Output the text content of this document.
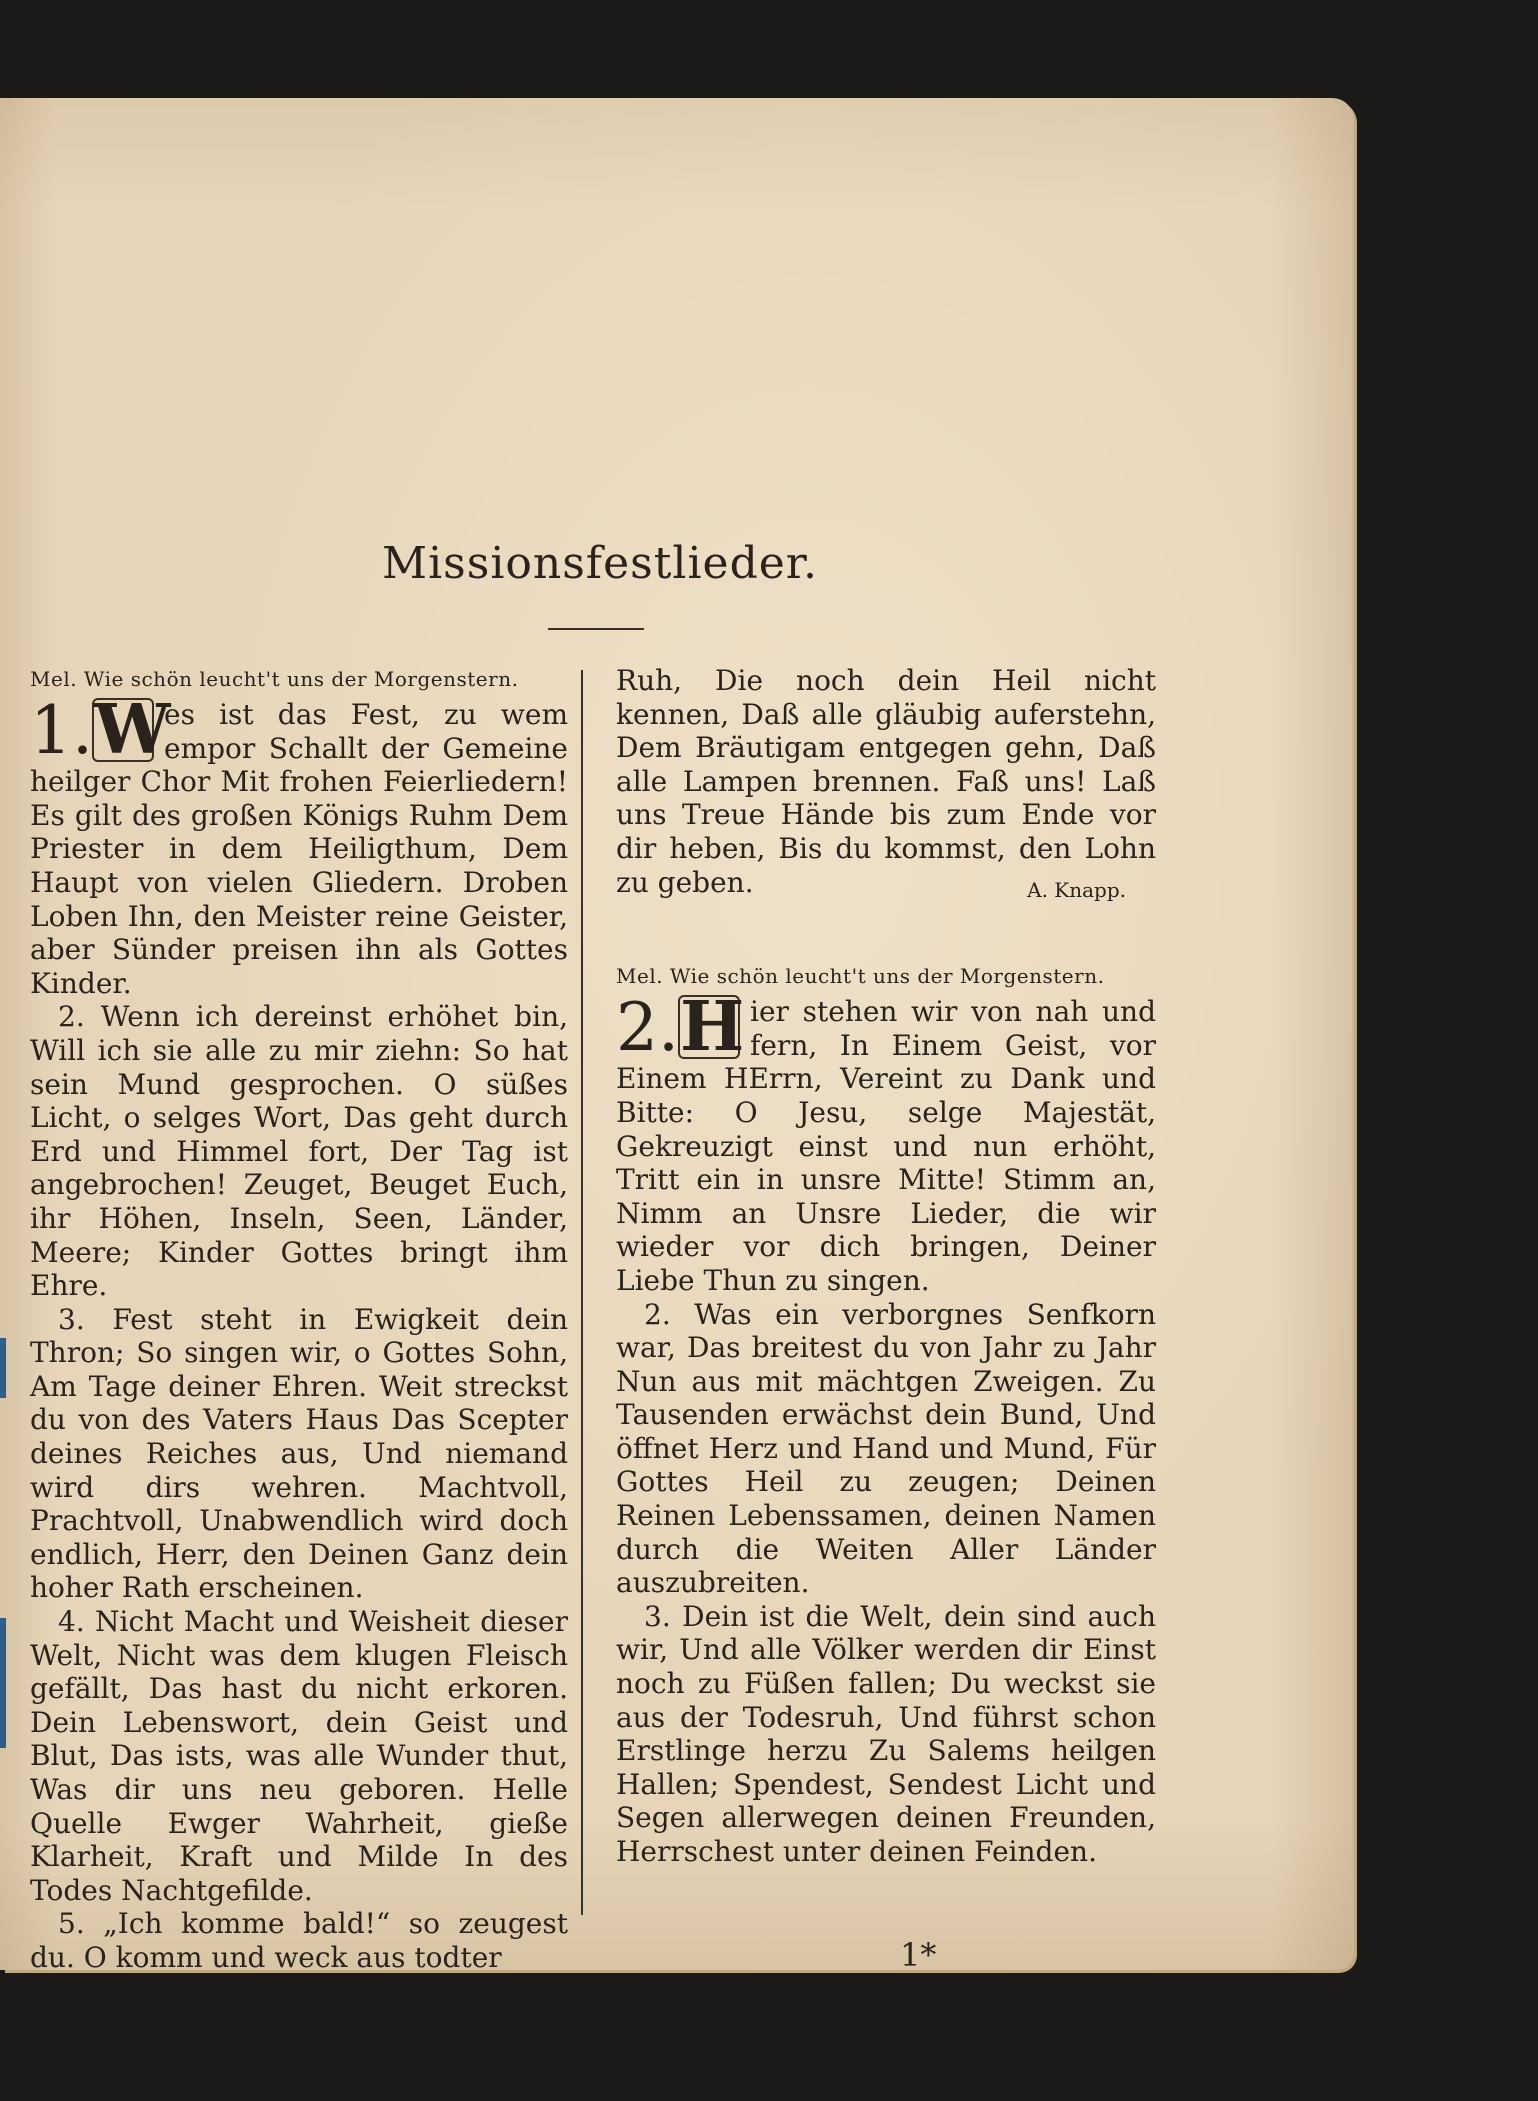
Missionsfestlieder.

Mel. Wie schön leucht't uns der Morgenstern.

1. W
es ist das Fest, zu wem empor Schallt der Gemeine heilger Chor Mit frohen Feierliedern! Es gilt des großen Königs Ruhm Dem Priester in dem Heiligthum, Dem Haupt von vielen Gliedern. Droben Loben Ihn, den Meister reine Geister, aber Sünder preisen ihn als Gottes Kinder.

2. Wenn ich dereinst erhöhet bin, Will ich sie alle zu mir ziehn: So hat sein Mund gesprochen. O süßes Licht, o selges Wort, Das geht durch Erd und Himmel fort, Der Tag ist angebrochen! Zeuget, Beuget Euch, ihr Höhen, Inseln, Seen, Länder, Meere; Kinder Gottes bringt ihm Ehre.

3. Fest steht in Ewigkeit dein Thron; So singen wir, o Gottes Sohn, Am Tage deiner Ehren. Weit streckst du von des Vaters Haus Das Scepter deines Reiches aus, Und niemand wird dirs wehren. Machtvoll, Prachtvoll, Unabwendlich wird doch endlich, Herr, den Deinen Ganz dein hoher Rath erscheinen.

4. Nicht Macht und Weisheit dieser Welt, Nicht was dem klugen Fleisch gefällt, Das hast du nicht erkoren. Dein Lebenswort, dein Geist und Blut, Das ists, was alle Wunder thut, Was dir uns neu geboren. Helle Quelle Ewger Wahrheit, gieße Klarheit, Kraft und Milde In des Todes Nachtgefilde.

5. „Ich komme bald!“ so zeugest du. O komm und weck aus todter

Ruh, Die noch dein Heil nicht kennen, Daß alle gläubig auferstehn, Dem Bräutigam entgegen gehn, Daß alle Lampen brennen. Faß uns! Laß uns Treue Hände bis zum Ende vor dir heben, Bis du kommst, den Lohn zu geben.	A. Knapp.

Mel. Wie schön leucht't uns der Morgenstern.

2. H ier stehen wir von nah und fern, In Einem Geist, vor Einem HErrn, Vereint zu Dank und Bitte: O Jesu, selge Majestät, Gekreuzigt einst und nun erhöht, Tritt ein in unsre Mitte! Stimm an, Nimm an Unsre Lieder, die wir wieder vor dich bringen, Deiner Liebe Thun zu singen.

2. Was ein verborgnes Senfkorn war, Das breitest du von Jahr zu Jahr Nun aus mit mächtgen Zweigen. Zu Tausenden erwächst dein Bund, Und öffnet Herz und Hand und Mund, Für Gottes Heil zu zeugen; Deinen Reinen Lebenssamen, deinen Namen durch die Weiten Aller Länder auszubreiten.

3. Dein ist die Welt, dein sind auch wir, Und alle Völker werden dir Einst noch zu Füßen fallen; Du weckst sie aus der Todesruh, Und führst schon Erstlinge herzu Zu Salems heilgen Hallen; Spendest, Sendest Licht und Segen allerwegen deinen Freunden, Herrschest unter deinen Feinden.

1*
